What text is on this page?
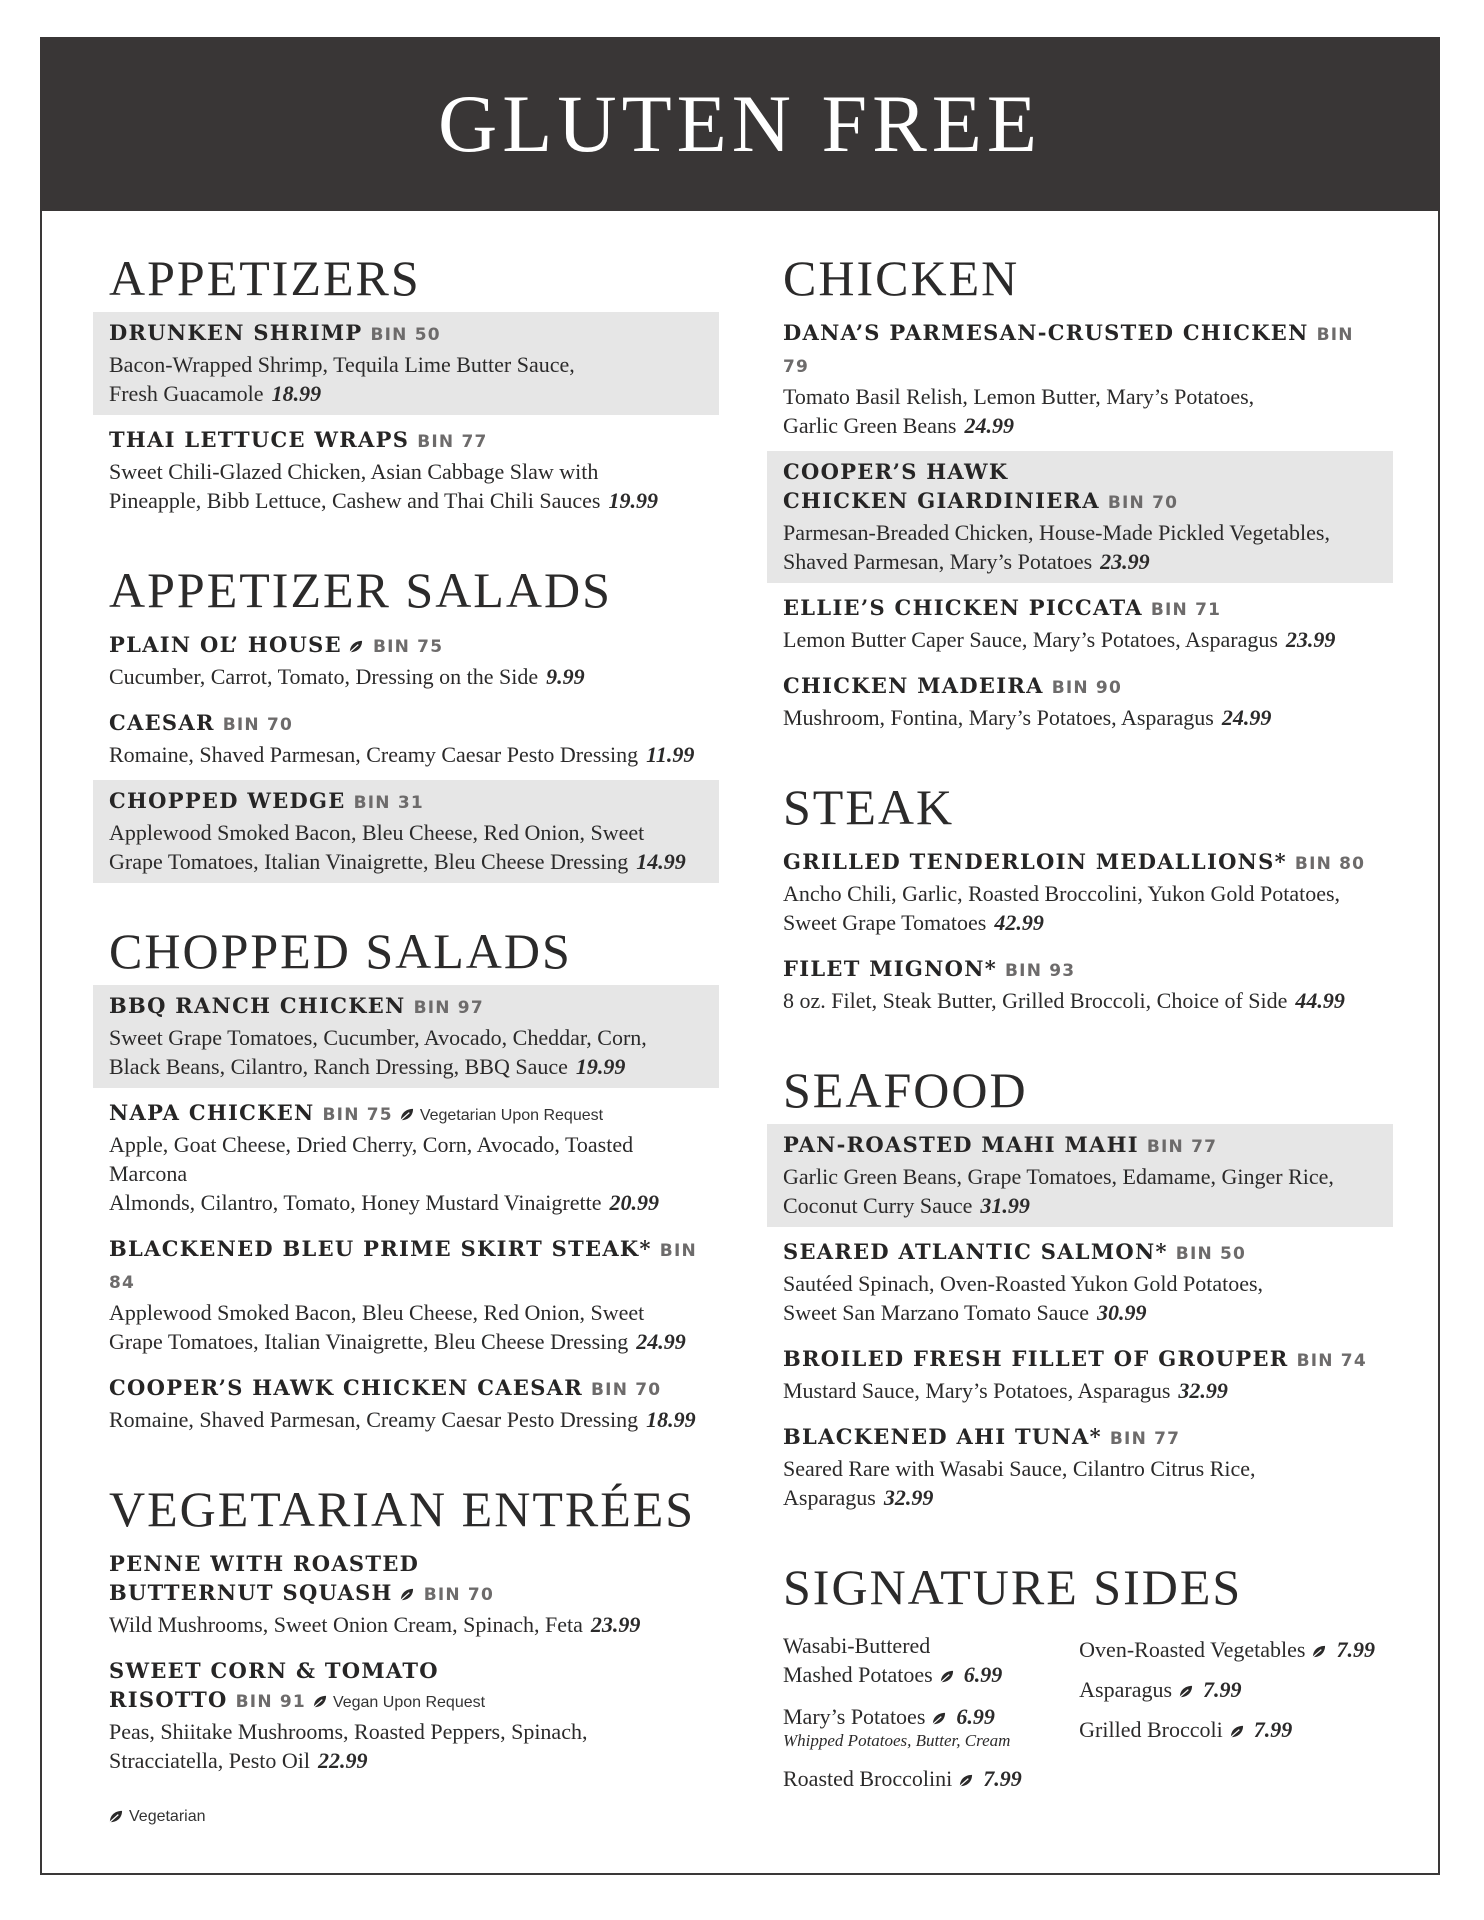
GLUTEN FREE
APPETIZERS
DRUNKEN SHRIMP BIN 50
Bacon-Wrapped Shrimp, Tequila Lime Butter Sauce,
Fresh Guacamole 18.99
THAI LETTUCE WRAPS BIN 77
Sweet Chili-Glazed Chicken, Asian Cabbage Slaw with
Pineapple, Bibb Lettuce, Cashew and Thai Chili Sauces 19.99
APPETIZER SALADS
PLAIN OL’ HOUSE BIN 75
Cucumber, Carrot, Tomato, Dressing on the Side 9.99
CAESAR BIN 70
Romaine, Shaved Parmesan, Creamy Caesar Pesto Dressing 11.99
CHOPPED WEDGE BIN 31
Applewood Smoked Bacon, Bleu Cheese, Red Onion, Sweet
Grape Tomatoes, Italian Vinaigrette, Bleu Cheese Dressing 14.99
CHOPPED SALADS
BBQ RANCH CHICKEN BIN 97
Sweet Grape Tomatoes, Cucumber, Avocado, Cheddar, Corn,
Black Beans, Cilantro, Ranch Dressing, BBQ Sauce 19.99
NAPA CHICKEN BIN 75 Vegetarian Upon Request
Apple, Goat Cheese, Dried Cherry, Corn, Avocado, Toasted Marcona
Almonds, Cilantro, Tomato, Honey Mustard Vinaigrette 20.99
BLACKENED BLEU PRIME SKIRT STEAK* BIN 84
Applewood Smoked Bacon, Bleu Cheese, Red Onion, Sweet
Grape Tomatoes, Italian Vinaigrette, Bleu Cheese Dressing 24.99
COOPER’S HAWK CHICKEN CAESAR BIN 70
Romaine, Shaved Parmesan, Creamy Caesar Pesto Dressing 18.99
VEGETARIAN ENTRÉES
PENNE WITH ROASTED
BUTTERNUT SQUASH BIN 70
Wild Mushrooms, Sweet Onion Cream, Spinach, Feta 23.99
SWEET CORN & TOMATO
RISOTTO BIN 91 Vegan Upon Request
Peas, Shiitake Mushrooms, Roasted Peppers, Spinach,
Stracciatella, Pesto Oil 22.99
CHICKEN
DANA’S PARMESAN-CRUSTED CHICKEN BIN 79
Tomato Basil Relish, Lemon Butter, Mary’s Potatoes,
Garlic Green Beans 24.99
COOPER’S HAWK
CHICKEN GIARDINIERA BIN 70
Parmesan-Breaded Chicken, House-Made Pickled Vegetables,
Shaved Parmesan, Mary’s Potatoes 23.99
ELLIE’S CHICKEN PICCATA BIN 71
Lemon Butter Caper Sauce, Mary’s Potatoes, Asparagus 23.99
CHICKEN MADEIRA BIN 90
Mushroom, Fontina, Mary’s Potatoes, Asparagus 24.99
STEAK
GRILLED TENDERLOIN MEDALLIONS* BIN 80
Ancho Chili, Garlic, Roasted Broccolini, Yukon Gold Potatoes,
Sweet Grape Tomatoes 42.99
FILET MIGNON* BIN 93
8 oz. Filet, Steak Butter, Grilled Broccoli, Choice of Side 44.99
SEAFOOD
PAN-ROASTED MAHI MAHI BIN 77
Garlic Green Beans, Grape Tomatoes, Edamame, Ginger Rice,
Coconut Curry Sauce 31.99
SEARED ATLANTIC SALMON* BIN 50
Sautéed Spinach, Oven-Roasted Yukon Gold Potatoes,
Sweet San Marzano Tomato Sauce 30.99
BROILED FRESH FILLET OF GROUPER BIN 74
Mustard Sauce, Mary’s Potatoes, Asparagus 32.99
BLACKENED AHI TUNA* BIN 77
Seared Rare with Wasabi Sauce, Cilantro Citrus Rice,
Asparagus 32.99
SIGNATURE SIDES
Wasabi-Buttered
Mashed Potatoes 6.99
Mary’s Potatoes 6.99
Whipped Potatoes, Butter, Cream
Roasted Broccolini 7.99
Oven-Roasted Vegetables 7.99
Asparagus 7.99
Grilled Broccoli 7.99
Vegetarian
